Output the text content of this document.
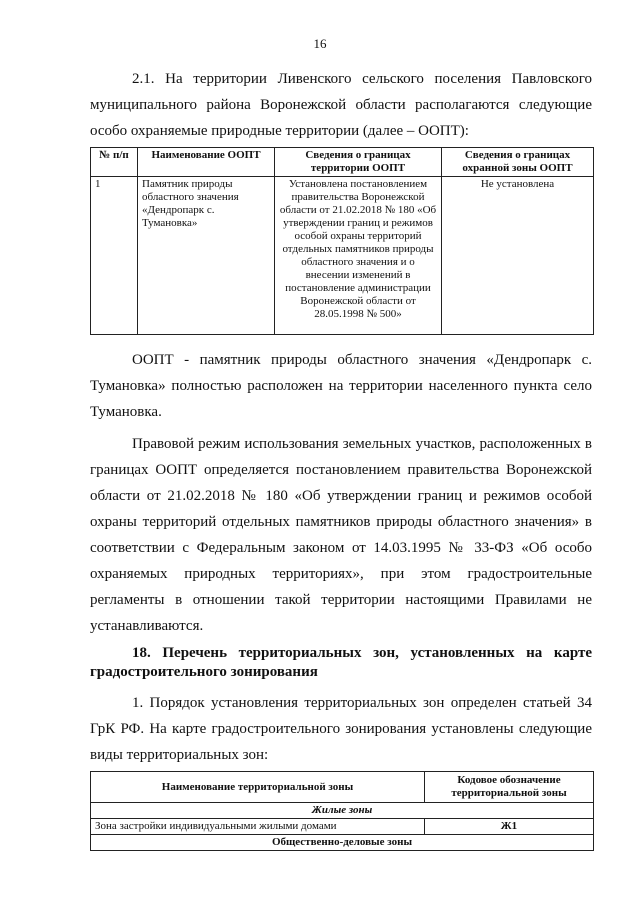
16

2.1. На территории Ливенского сельского поселения Павловского муниципального района Воронежской области располагаются следующие особо охраняемые природные территории (далее – ООПТ):

№ п/п	Наименование ООПТ	Сведения о границах территории ООПТ	Сведения о границах охранной зоны ООПТ
1	Памятник природы областного значения «Дендропарк с. Тумановка»	Установлена постановлением правительства Воронежской области от 21.02.2018 № 180 «Об утверждении границ и режимов особой охраны территорий отдельных памятников природы областного значения и о внесении изменений в постановление администрации Воронежской области от 28.05.1998 № 500»	Не установлена

ООПТ - памятник природы областного значения «Дендропарк с. Тумановка» полностью расположен на территории населенного пункта село Тумановка.

Правовой режим использования земельных участков, расположенных в границах ООПТ определяется постановлением правительства Воронежской области от 21.02.2018 № 180 «Об утверждении границ и режимов особой охраны территорий отдельных памятников природы областного значения» в соответствии с Федеральным законом от 14.03.1995 № 33-ФЗ «Об особо охраняемых природных территориях», при этом градостроительные регламенты в отношении такой территории настоящими Правилами не устанавливаются.

18. Перечень территориальных зон, установленных на карте градостроительного зонирования

1. Порядок установления территориальных зон определен статьей 34 ГрК РФ. На карте градостроительного зонирования установлены следующие виды территориальных зон:

Наименование территориальной зоны	Кодовое обозначение территориальной зоны
Жилые зоны	
Зона застройки индивидуальными жилыми домами	Ж1
Общественно-деловые зоны	
